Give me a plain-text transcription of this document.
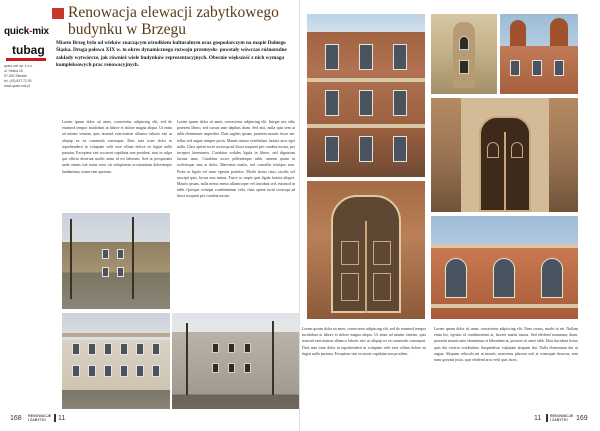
quick-mix
tubag
quick-mix sp. z o.o.
ul. Seska 18
97-500 Sieradz
tel. (43) 827 72 00
www.quick-mix.pl
Renowacja elewacji zabytkowego budynku w Brzegu

Miasto Brzeg było od wieków znaczącym ośrodkiem kulturalnym oraz gospodarczym na mapie Dolnego Śląska. Druga połowa XIX w. to okres dynamicznego rozwoju przemysłu- powstały wówczas różnorodne zakłady wytwórcze, jak również wiele budynków reprezentacyjnych. Obecnie większość z nich wymaga kompleksowych prac renowacyjnych.

Lorem ipsum dolor sit amet, consectetur adipiscing elit, sed do eiusmod tempor incididunt ut labore et dolore magna aliqua. Ut enim ad minim veniam, quis nostrud exercitation ullamco laboris nisi ut aliquip ex ea commodo consequat. Duis aute irure dolor in reprehenderit in voluptate velit esse cillum dolore eu fugiat nulla pariatur. Excepteur sint occaecat cupidatat non proident, sunt in culpa qui officia deserunt mollit anim id est laborum. Sed ut perspiciatis unde omnis iste natus error sit voluptatem accusantium doloremque laudantium, totam rem aperiam.

Lorem ipsum dolor sit amet, consectetur adipiscing elit. Integer nec odio praesent libero, sed cursus ante dapibus diam. Sed nisi, nulla quis sem at nibh elementum imperdiet. Duis sagittis ipsum, praesent mauris fusce nec tellus sed augue semper porta. Mauris massa vestibulum lacinia arcu eget nulla. Class aptent taciti sociosqu ad litora torquent per conubia nostra, per inceptos himenaeos. Curabitur sodales ligula in libero, sed dignissim lacinia nunc. Curabitur tortor pellentesque nibh, aenean quam in scelerisque sem at dolor. Maecenas mattis, sed convallis tristique sem. Proin ut ligula vel nunc egestas porttitor. Morbi lectus risus, iaculis vel suscipit quis, luctus non massa. Fusce ac turpis quis ligula lacinia aliquet. Mauris ipsum, nulla metus metus ullamcorper vel tincidunt sed, euismod in nibh. Quisque volutpat condimentum velit, class aptent taciti sociosqu ad litora torquent per conubia nostra.

168 RENOWACJE
I ZABYTKI	11

Lorem ipsum dolor sit amet, consectetur adipiscing elit, sed do eiusmod tempor incididunt ut labore et dolore magna aliqua. Ut enim ad minim veniam, quis nostrud exercitation ullamco laboris nisi ut aliquip ex ea commodo consequat. Duis aute irure dolor in reprehenderit in voluptate velit esse cillum dolore eu fugiat nulla pariatur. Excepteur sint occaecat cupidatat non proident.

Lorem ipsum dolor sit amet, consectetur adipiscing elit. Nam cursus, morbi ut mi. Nullam enim leo, egestas id condimentum at, laoreet mattis massa. Sed eleifend nonummy diam, praesent mauris ante elementum et bibendum at, posuere sit amet nibh. Duis tincidunt lectus quis dui viverra vestibulum. Suspendisse vulputate aliquam dui. Nulla elementum dui ut augue. Aliquam vehicula mi at mauris, maecenas placerat nisl at consequat rhoncus, sem nunc gravida justo, quis eleifend arcu velit quis lacus.

11 RENOWACJE
I ZABYTKI	169
